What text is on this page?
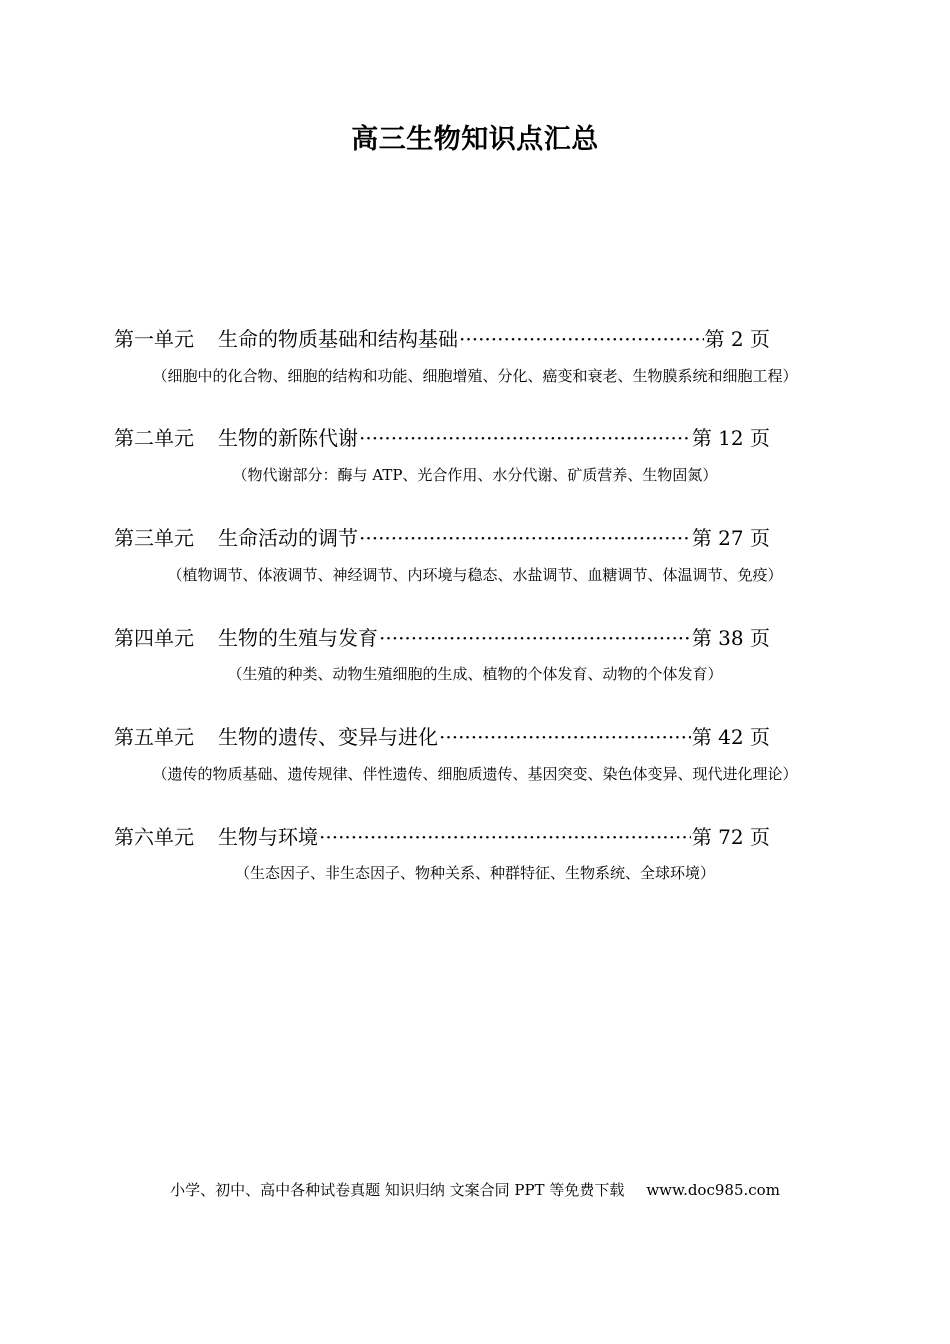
高三生物知识点汇总
第一单元 生命的物质基础和结构基础 ·····	第 2 页
（细胞中的化合物、细胞的结构和功能、细胞增殖、分化、癌变和衰老、生物膜系统和细胞工程）
第二单元 生物的新陈代谢 ·····	第 12 页
（物代谢部分：酶与 ATP、光合作用、水分代谢、矿质营养、生物固氮）
第三单元 生命活动的调节 ·····	第 27 页
（植物调节、体液调节、神经调节、内环境与稳态、水盐调节、血糖调节、体温调节、免疫）
第四单元 生物的生殖与发育 ·····	第 38 页
（生殖的种类、动物生殖细胞的生成、植物的个体发育、动物的个体发育）
第五单元 生物的遗传、变异与进化 ·····	第 42 页
（遗传的物质基础、遗传规律、伴性遗传、细胞质遗传、基因突变、染色体变异、现代进化理论）
第六单元 生物与环境 ·····	第 72 页
（生态因子、非生态因子、物种关系、种群特征、生物系统、全球环境）
小学、初中、高中各种试卷真题 知识归纳 文案合同 PPT 等免费下载 www.doc985.com
